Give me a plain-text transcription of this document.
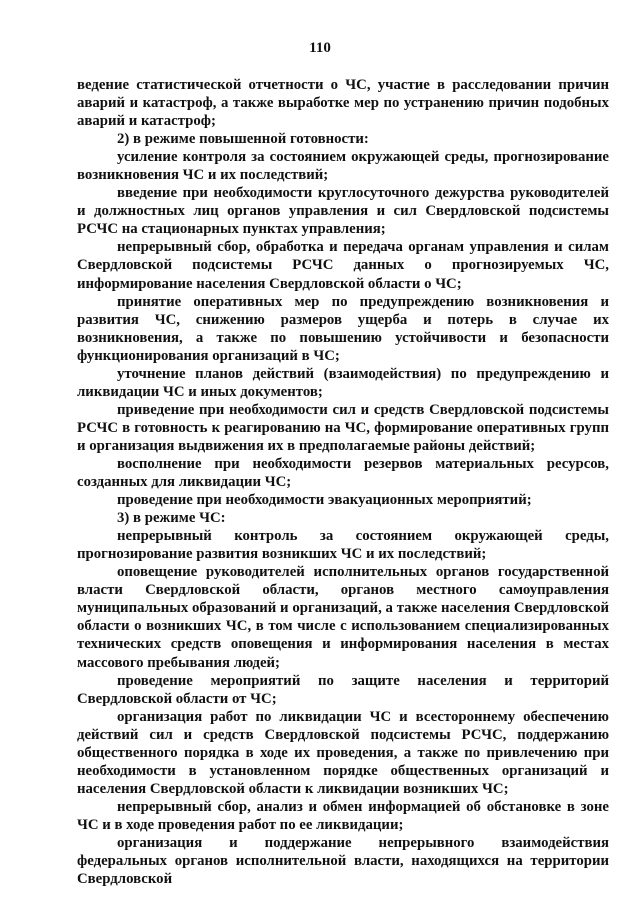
110

ведение статистической отчетности о ЧС, участие в расследовании причин аварий и катастроф, а также выработке мер по устранению причин подобных аварий и катастроф;

2) в режиме повышенной готовности:

усиление контроля за состоянием окружающей среды, прогнозирование возникновения ЧС и их последствий;

введение при необходимости круглосуточного дежурства руководителей и должностных лиц органов управления и сил Свердловской подсистемы РСЧС на стационарных пунктах управления;

непрерывный сбор, обработка и передача органам управления и силам Свердловской подсистемы РСЧС данных о прогнозируемых ЧС, информирование населения Свердловской области о ЧС;

принятие оперативных мер по предупреждению возникновения и развития ЧС, снижению размеров ущерба и потерь в случае их возникновения, а также по повышению устойчивости и безопасности функционирования организаций в ЧС;

уточнение планов действий (взаимодействия) по предупреждению и ликвидации ЧС и иных документов;

приведение при необходимости сил и средств Свердловской подсистемы РСЧС в готовность к реагированию на ЧС, формирование оперативных групп и организация выдвижения их в предполагаемые районы действий;

восполнение при необходимости резервов материальных ресурсов, созданных для ликвидации ЧС;

проведение при необходимости эвакуационных мероприятий;

3) в режиме ЧС:

непрерывный контроль за состоянием окружающей среды, прогнозирование развития возникших ЧС и их последствий;

оповещение руководителей исполнительных органов государственной власти Свердловской области, органов местного самоуправления муниципальных образований и организаций, а также населения Свердловской области о возникших ЧС, в том числе с использованием специализированных технических средств оповещения и информирования населения в местах массового пребывания людей;

проведение мероприятий по защите населения и территорий Свердловской области от ЧС;

организация работ по ликвидации ЧС и всестороннему обеспечению действий сил и средств Свердловской подсистемы РСЧС, поддержанию общественного порядка в ходе их проведения, а также по привлечению при необходимости в установленном порядке общественных организаций и населения Свердловской области к ликвидации возникших ЧС;

непрерывный сбор, анализ и обмен информацией об обстановке в зоне ЧС и в ходе проведения работ по ее ликвидации;

организация и поддержание непрерывного взаимодействия федеральных органов исполнительной власти, находящихся на территории Свердловской
